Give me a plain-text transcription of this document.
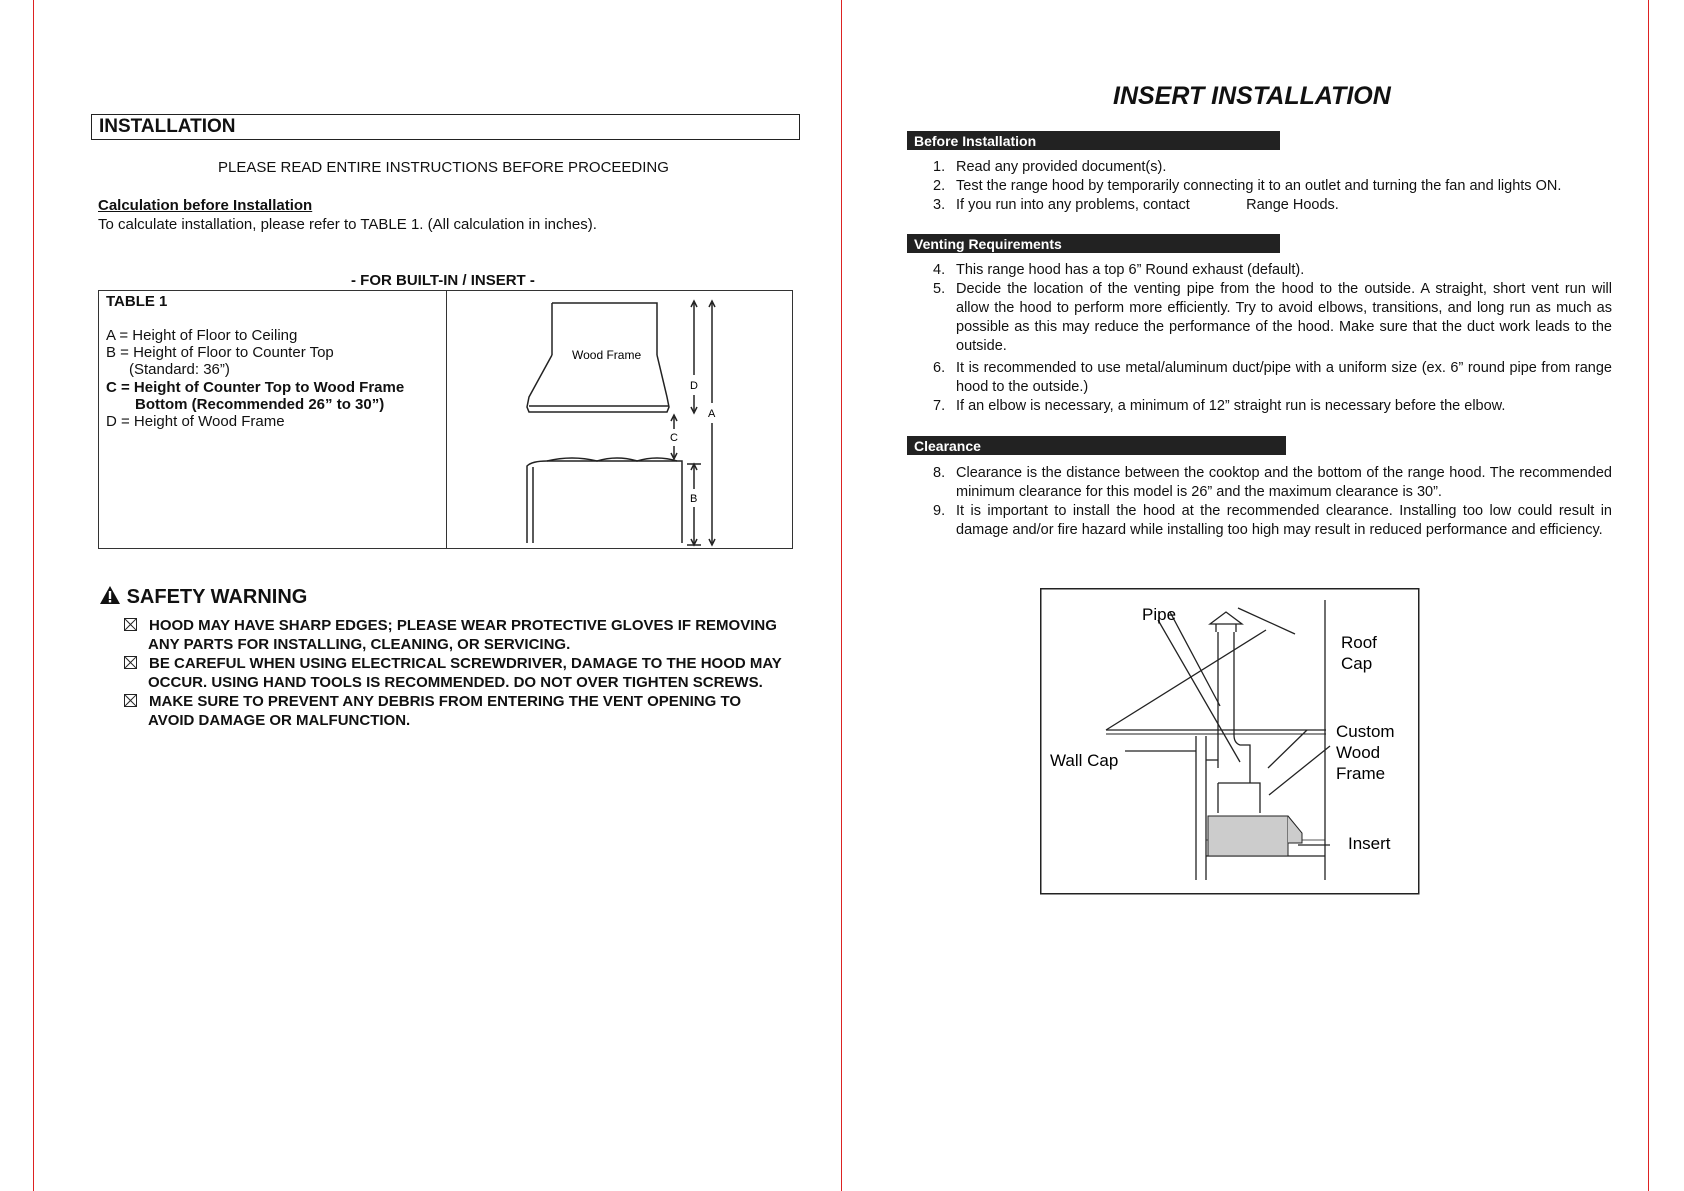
INSTALLATION
PLEASE READ ENTIRE INSTRUCTIONS BEFORE PROCEEDING
Calculation before Installation
To calculate installation, please refer to TABLE 1. (All calculation in inches).
- FOR BUILT-IN / INSERT -
TABLE 1
A = Height of Floor to Ceiling
B = Height of Floor to Counter Top
(Standard: 36”)
C = Height of Counter Top to Wood Frame
Bottom (Recommended 26” to 30”)
D = Height of Wood Frame
Wood Frame
D
C
A
B
SAFETY WARNING
HOOD MAY HAVE SHARP EDGES; PLEASE WEAR PROTECTIVE GLOVES IF REMOVING
ANY PARTS FOR INSTALLING, CLEANING, OR SERVICING.
BE CAREFUL WHEN USING ELECTRICAL SCREWDRIVER, DAMAGE TO THE HOOD MAY
OCCUR. USING HAND TOOLS IS RECOMMENDED. DO NOT OVER TIGHTEN SCREWS.
MAKE SURE TO PREVENT ANY DEBRIS FROM ENTERING THE VENT OPENING TO
AVOID DAMAGE OR MALFUNCTION.
INSERT INSTALLATION
Before Installation
1. Read any provided document(s).
2. Test the range hood by temporarily connecting it to an outlet and turning the fan and lights ON.
3. If you run into any problems, contact              Range Hoods.
Venting Requirements
4. This range hood has a top 6” Round exhaust (default).
5. Decide the location of the venting pipe from the hood to the outside. A straight, short vent run will allow the hood to perform more efficiently. Try to avoid elbows, transitions, and long run as much as possible as this may reduce the performance of the hood. Make sure that the duct work leads to the outside.
6. It is recommended to use metal/aluminum duct/pipe with a uniform size (ex. 6” round pipe from range hood to the outside.)
7. If an elbow is necessary, a minimum of 12” straight run is necessary before the elbow.
Clearance
8. Clearance is the distance between the cooktop and the bottom of the range hood. The recommended minimum clearance for this model is 26” and the maximum clearance is 30”.
9. It is important to install the hood at the recommended clearance. Installing too low could result in damage and/or fire hazard while installing too high may result in reduced performance and efficiency.
Pipe
Roof
Cap
Custom
Wood
Frame
Wall Cap
Insert
